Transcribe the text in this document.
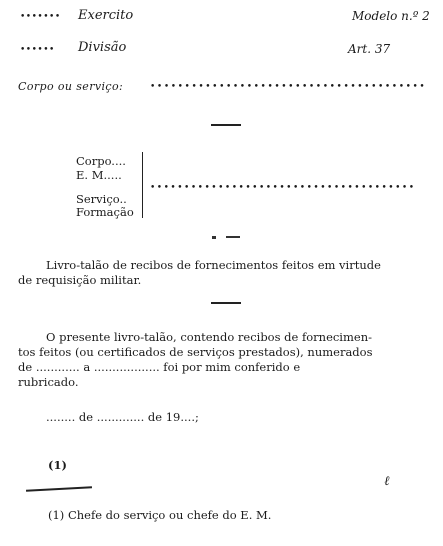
••••••• Exercito	Modelo n.º 2
•••••• Divisão	Art. 37
Corpo ou serviço:	••••••••••••••••••••••••••••••••••••••••
Corpo....
E. M.....
Serviço..
Formação
•••••••••••••••••••••••••••••••••••••••
Livro-talão de recibos de fornecimentos feitos em virtude
de requisição militar.
O presente livro-talão, contendo recibos de fornecimen-
tos feitos (ou certificados de serviços prestados), numerados
de ............ a .................. foi por mim conferido e
rubricado.
........ de ............. de 19....;
(1)
ℓ
(1) Chefe do serviço ou chefe do E. M.
